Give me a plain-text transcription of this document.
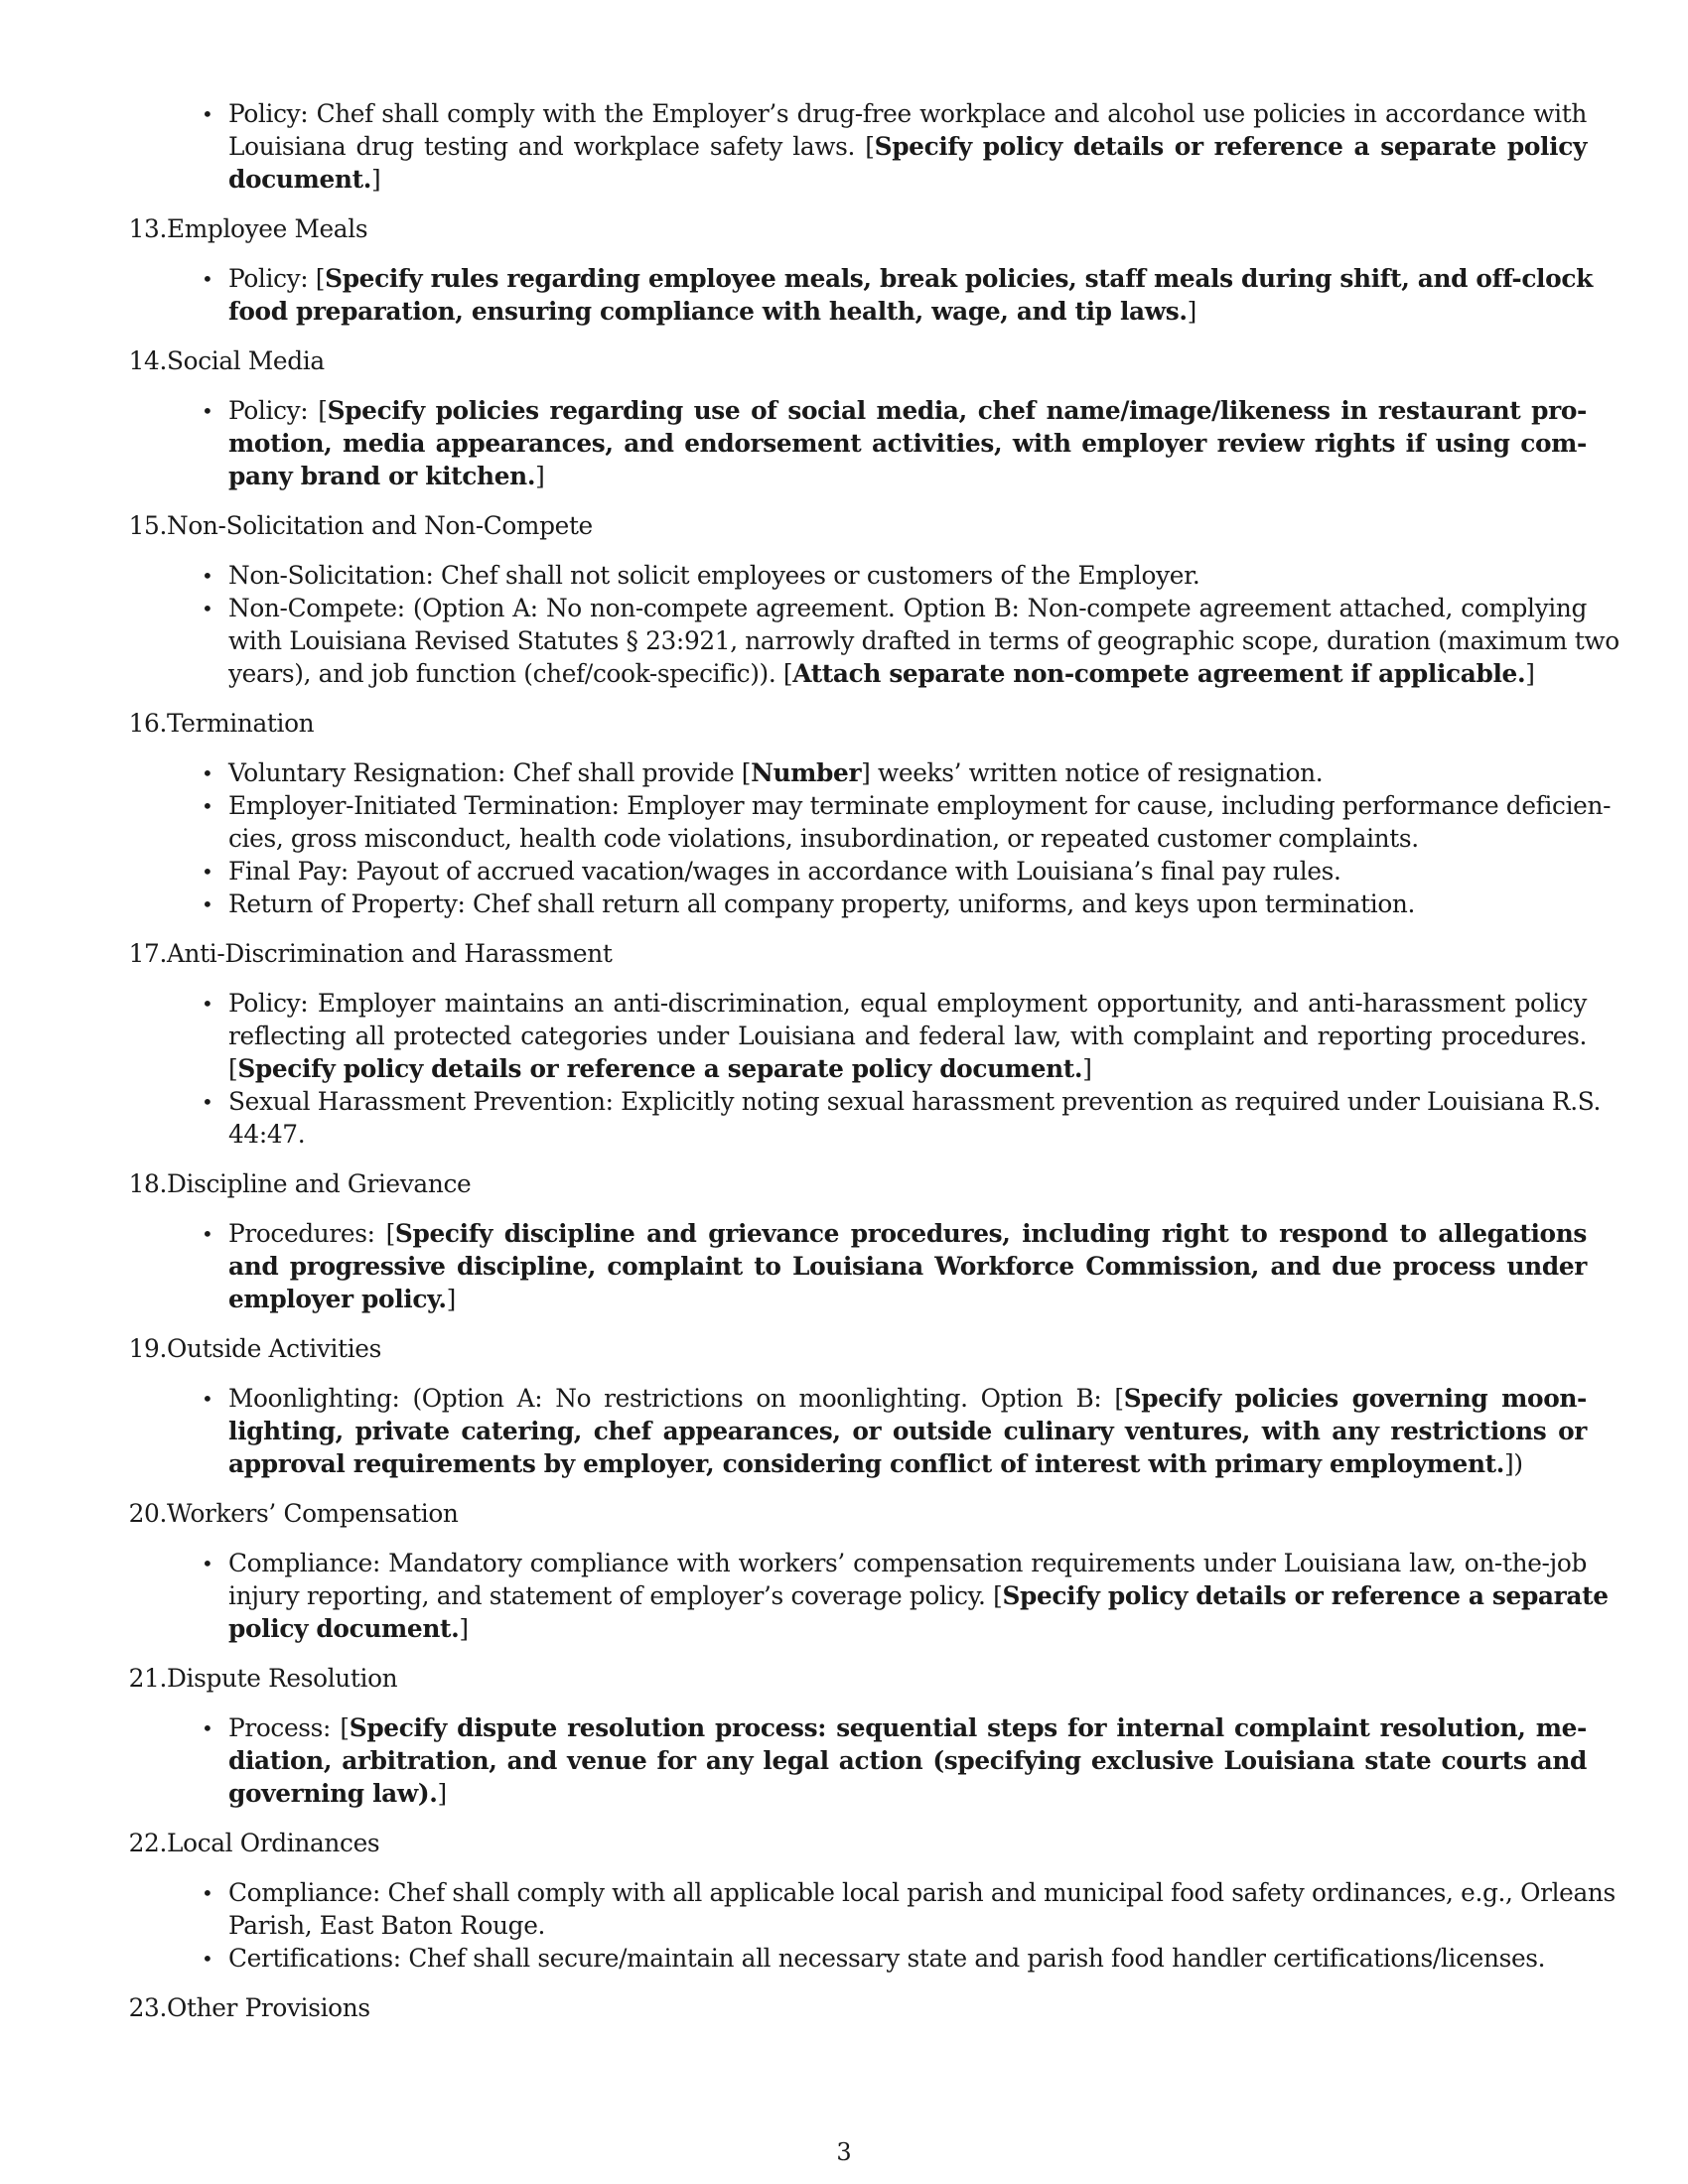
• Policy: Chef shall comply with the Employer’s drug-free workplace and alcohol use policies in accordance with
Louisiana drug testing and workplace safety laws. [Specify policy details or reference a separate policy
document.]
13. Employee Meals
• Policy: [Specify rules regarding employee meals, break policies, staff meals during shift, and off-clock
food preparation, ensuring compliance with health, wage, and tip laws.]
14. Social Media
• Policy: [Specify policies regarding use of social media, chef name/image/likeness in restaurant pro-
motion, media appearances, and endorsement activities, with employer review rights if using com-
pany brand or kitchen.]
15. Non-Solicitation and Non-Compete
• Non-Solicitation: Chef shall not solicit employees or customers of the Employer.
• Non-Compete: (Option A: No non-compete agreement. Option B: Non-compete agreement attached, complying
with Louisiana Revised Statutes § 23:921, narrowly drafted in terms of geographic scope, duration (maximum two
years), and job function (chef/cook-specific)). [Attach separate non-compete agreement if applicable.]
16. Termination
• Voluntary Resignation: Chef shall provide [Number] weeks’ written notice of resignation.
• Employer-Initiated Termination: Employer may terminate employment for cause, including performance deficien-
cies, gross misconduct, health code violations, insubordination, or repeated customer complaints.
• Final Pay: Payout of accrued vacation/wages in accordance with Louisiana’s final pay rules.
• Return of Property: Chef shall return all company property, uniforms, and keys upon termination.
17. Anti-Discrimination and Harassment
• Policy: Employer maintains an anti-discrimination, equal employment opportunity, and anti-harassment policy
reflecting all protected categories under Louisiana and federal law, with complaint and reporting procedures.
[Specify policy details or reference a separate policy document.]
• Sexual Harassment Prevention: Explicitly noting sexual harassment prevention as required under Louisiana R.S.
44:47.
18. Discipline and Grievance
• Procedures: [Specify discipline and grievance procedures, including right to respond to allegations
and progressive discipline, complaint to Louisiana Workforce Commission, and due process under
employer policy.]
19. Outside Activities
• Moonlighting: (Option A: No restrictions on moonlighting. Option B: [Specify policies governing moon-
lighting, private catering, chef appearances, or outside culinary ventures, with any restrictions or
approval requirements by employer, considering conflict of interest with primary employment.])
20. Workers’ Compensation
• Compliance: Mandatory compliance with workers’ compensation requirements under Louisiana law, on-the-job
injury reporting, and statement of employer’s coverage policy. [Specify policy details or reference a separate
policy document.]
21. Dispute Resolution
• Process: [Specify dispute resolution process: sequential steps for internal complaint resolution, me-
diation, arbitration, and venue for any legal action (specifying exclusive Louisiana state courts and
governing law).]
22. Local Ordinances
• Compliance: Chef shall comply with all applicable local parish and municipal food safety ordinances, e.g., Orleans
Parish, East Baton Rouge.
• Certifications: Chef shall secure/maintain all necessary state and parish food handler certifications/licenses.
23. Other Provisions
3
